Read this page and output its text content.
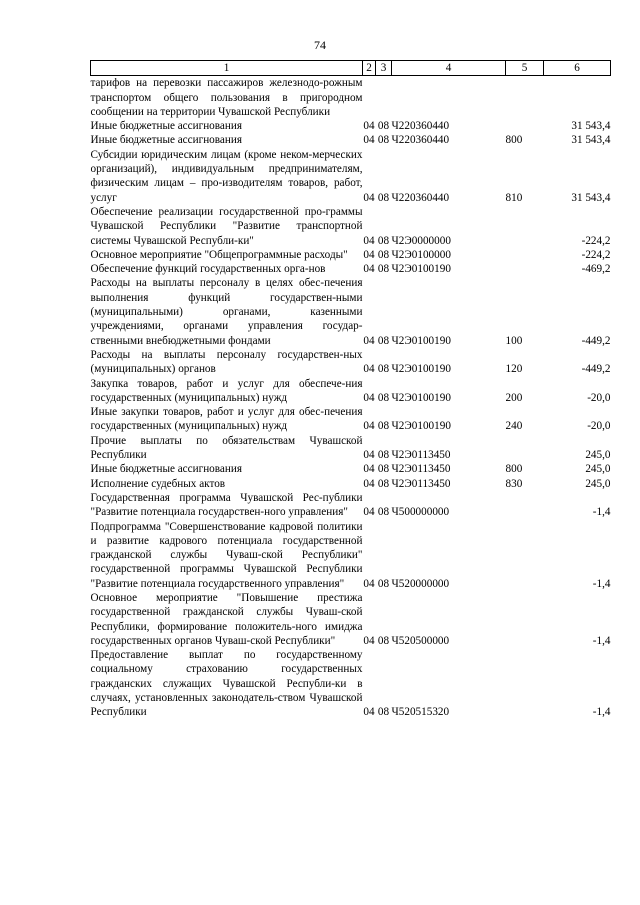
74
1	2	3	4	5	6
тарифов на перевозки пассажиров железнодо-рожным транспортом общего пользования в пригородном сообщении на территории Чувашской Республики					
Иные бюджетные ассигнования	04	08	Ч220360440		31 543,4
Иные бюджетные ассигнования	04	08	Ч220360440	800	31 543,4
Субсидии юридическим лицам (кроме неком-мерческих организаций), индивидуальным предпринимателям, физическим лицам – про-изводителям товаров, работ, услуг	04	08	Ч220360440	810	31 543,4
Обеспечение реализации государственной про-граммы Чувашской Республики "Развитие транспортной системы Чувашской Республи-ки"	04	08	Ч2Э0000000		-224,2
Основное мероприятие "Общепрограммные расходы"	04	08	Ч2Э0100000		-224,2
Обеспечение функций государственных орга-нов	04	08	Ч2Э0100190		-469,2
Расходы на выплаты персоналу в целях обес-печения выполнения функций государствен-ными (муниципальными) органами, казенными учреждениями, органами управления государ-ственными внебюджетными фондами	04	08	Ч2Э0100190	100	-449,2
Расходы на выплаты персоналу государствен-ных (муниципальных) органов	04	08	Ч2Э0100190	120	-449,2
Закупка товаров, работ и услуг для обеспече-ния государственных (муниципальных) нужд	04	08	Ч2Э0100190	200	-20,0
Иные закупки товаров, работ и услуг для обес-печения государственных (муниципальных) нужд	04	08	Ч2Э0100190	240	-20,0
Прочие выплаты по обязательствам Чувашской Республики	04	08	Ч2Э0113450		245,0
Иные бюджетные ассигнования	04	08	Ч2Э0113450	800	245,0
Исполнение судебных актов	04	08	Ч2Э0113450	830	245,0
Государственная программа Чувашской Рес-публики "Развитие потенциала государствен-ного управления"	04	08	Ч500000000		-1,4
Подпрограмма "Совершенствование кадровой политики и развитие кадрового потенциала государственной гражданской службы Чуваш-ской Республики" государственной программы Чувашской Республики "Развитие потенциала государственного управления"	04	08	Ч520000000		-1,4
Основное мероприятие "Повышение престижа государственной гражданской службы Чуваш-ской Республики, формирование положитель-ного имиджа государственных органов Чуваш-ской Республики"	04	08	Ч520500000		-1,4
Предоставление выплат по государственному социальному страхованию государственных гражданских служащих Чувашской Республи-ки в случаях, установленных законодатель-ством Чувашской Республики	04	08	Ч520515320		-1,4
